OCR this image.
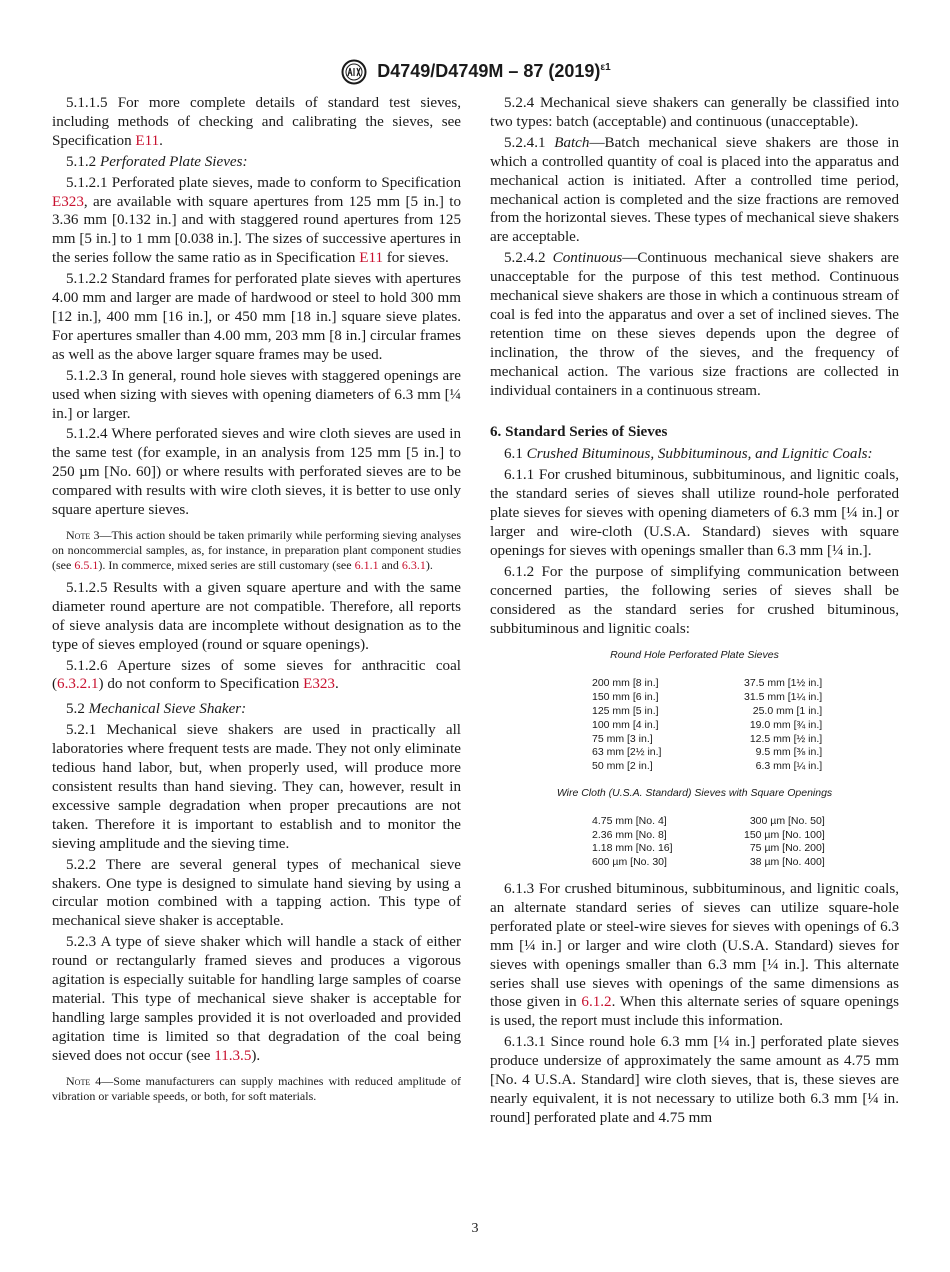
D4749/D4749M – 87 $(2019)^{\varepsilon 1}$

5.1.1.5 For more complete details of standard test sieves, including methods of checking and calibrating the sieves, see Specification E11.

5.1.2 Perforated Plate Sieves:

5.1.2.1 Perforated plate sieves, made to conform to Specification E323, are available with square apertures from 125 mm [5 in.] to 3.36 mm [0.132 in.] and with staggered round apertures from 125 mm [5 in.] to 1 mm [0.038 in.]. The sizes of successive apertures in the series follow the same ratio as in Specification E11 for sieves.

5.1.2.2 Standard frames for perforated plate sieves with apertures 4.00 mm and larger are made of hardwood or steel to hold 300 mm [12 in.], 400 mm [16 in.], or 450 mm [18 in.] square sieve plates. For apertures smaller than 4.00 mm, 203 mm [8 in.] circular frames as well as the above larger square frames may be used.

5.1.2.3 In general, round hole sieves with staggered openings are used when sizing with sieves with opening diameters of 6.3 mm [¼ in.] or larger.

5.1.2.4 Where perforated sieves and wire cloth sieves are used in the same test (for example, in an analysis from 125 mm [5 in.] to 250 µm [No. 60]) or where results with perforated sieves are to be compared with results with wire cloth sieves, it is better to use only square aperture sieves.

Note 3—This action should be taken primarily while performing sieving analyses on noncommercial samples, as, for instance, in preparation plant component studies (see 6.5.1). In commerce, mixed series are still customary (see 6.1.1 and 6.3.1).

5.1.2.5 Results with a given square aperture and with the same diameter round aperture are not compatible. Therefore, all reports of sieve analysis data are incomplete without designation as to the type of sieves employed (round or square openings).

5.1.2.6 Aperture sizes of some sieves for anthracitic coal (6.3.2.1) do not conform to Specification E323.

5.2 Mechanical Sieve Shaker:

5.2.1 Mechanical sieve shakers are used in practically all laboratories where frequent tests are made. They not only eliminate tedious hand labor, but, when properly used, will produce more consistent results than hand sieving. They can, however, result in excessive sample degradation when proper precautions are not taken. Therefore it is important to establish and to monitor the sieving amplitude and the sieving time.

5.2.2 There are several general types of mechanical sieve shakers. One type is designed to simulate hand sieving by using a circular motion combined with a tapping action. This type of mechanical sieve shaker is acceptable.

5.2.3 A type of sieve shaker which will handle a stack of either round or rectangularly framed sieves and produces a vigorous agitation is especially suitable for handling large samples of coarse material. This type of mechanical sieve shaker is acceptable for handling large samples provided it is not overloaded and provided agitation time is limited so that degradation of the coal being sieved does not occur (see 11.3.5).

Note 4—Some manufacturers can supply machines with reduced amplitude of vibration or variable speeds, or both, for soft materials.

5.2.4 Mechanical sieve shakers can generally be classified into two types: batch (acceptable) and continuous (unacceptable).

5.2.4.1 Batch—Batch mechanical sieve shakers are those in which a controlled quantity of coal is placed into the apparatus and mechanical action is initiated. After a controlled time period, mechanical action is completed and the size fractions are removed from the horizontal sieves. These types of mechanical sieve shakers are acceptable.

5.2.4.2 Continuous—Continuous mechanical sieve shakers are unacceptable for the purpose of this test method. Continuous mechanical sieve shakers are those in which a continuous stream of coal is fed into the apparatus and over a set of inclined sieves. The retention time on these sieves depends upon the degree of inclination, the throw of the sieves, and the frequency of mechanical action. The various size fractions are collected in individual containers in a continuous stream.

6. Standard Series of Sieves

6.1 Crushed Bituminous, Subbituminous, and Lignitic Coals:

6.1.1 For crushed bituminous, subbituminous, and lignitic coals, the standard series of sieves shall utilize round-hole perforated plate sieves for sieves with opening diameters of 6.3 mm [¼ in.] or larger and wire-cloth (U.S.A. Standard) sieves with square openings for sieves with openings smaller than 6.3 mm [¼ in.].

6.1.2 For the purpose of simplifying communication between concerned parties, the following series of sieves shall be considered as the standard series for crushed bituminous, subbituminous and lignitic coals:

Round Hole Perforated Plate Sieves
200 mm [8 in.]	37.5 mm [1½ in.]
150 mm [6 in.]	31.5 mm [1¼ in.]
125 mm [5 in.]	25.0 mm [1 in.]
100 mm [4 in.]	19.0 mm [¾ in.]
75 mm [3 in.]	12.5 mm [½ in.]
63 mm [2½ in.]	9.5 mm [⅜ in.]
50 mm [2 in.]	6.3 mm [¼ in.]
Wire Cloth (U.S.A. Standard) Sieves with Square Openings
4.75 mm [No. 4]	300 µm [No. 50]
2.36 mm [No. 8]	150 µm [No. 100]
1.18 mm [No. 16]	75 µm [No. 200]
600 µm [No. 30]	38 µm [No. 400]

6.1.3 For crushed bituminous, subbituminous, and lignitic coals, an alternate standard series of sieves can utilize square-hole perforated plate or steel-wire sieves for sieves with openings of 6.3 mm [¼ in.] or larger and wire cloth (U.S.A. Standard) sieves for sieves with openings smaller than 6.3 mm [¼ in.]. This alternate series shall use sieves with openings of the same dimensions as those given in 6.1.2. When this alternate series of square openings is used, the report must include this information.

6.1.3.1 Since round hole 6.3 mm [¼ in.] perforated plate sieves produce undersize of approximately the same amount as 4.75 mm [No. 4 U.S.A. Standard] wire cloth sieves, that is, these sieves are nearly equivalent, it is not necessary to utilize both 6.3 mm [¼ in. round] perforated plate and 4.75 mm

3
